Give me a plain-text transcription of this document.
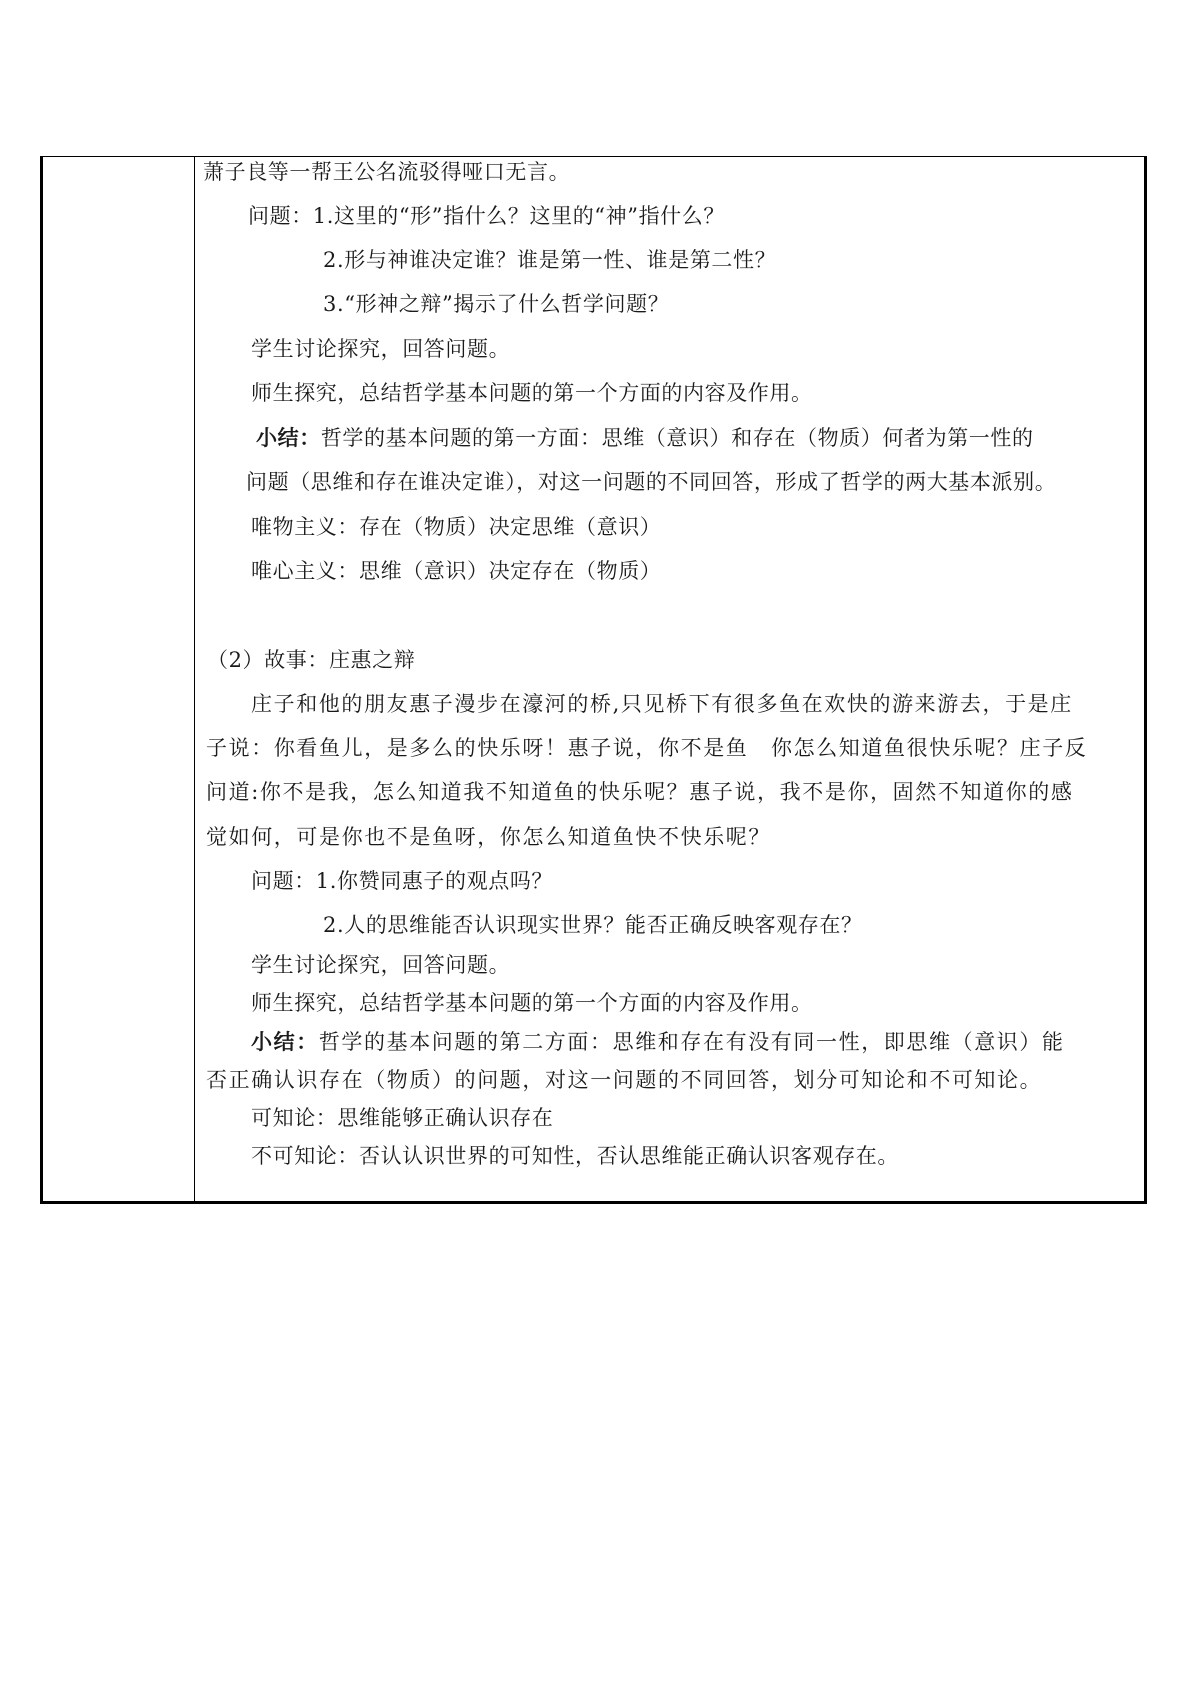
萧子良等一帮王公名流驳得哑口无言。
问题：1.这里的“形”指什么？这里的“神”指什么？
2.形与神谁决定谁？谁是第一性、谁是第二性？
3.“形神之辩”揭示了什么哲学问题？
学生讨论探究，回答问题。
师生探究，总结哲学基本问题的第一个方面的内容及作用。
小结：哲学的基本问题的第一方面：思维（意识）和存在（物质）何者为第一性的
问题（思维和存在谁决定谁），对这一问题的不同回答，形成了哲学的两大基本派别。
唯物主义：存在（物质）决定思维（意识）
唯心主义：思维（意识）决定存在（物质）
（2）故事：庄惠之辩
庄子和他的朋友惠子漫步在濠河的桥,只见桥下有很多鱼在欢快的游来游去，于是庄
子说：你看鱼儿，是多么的快乐呀！惠子说，你不是鱼　你怎么知道鱼很快乐呢？庄子反
问道:你不是我，怎么知道我不知道鱼的快乐呢？惠子说，我不是你，固然不知道你的感
觉如何，可是你也不是鱼呀，你怎么知道鱼快不快乐呢？
问题：1.你赞同惠子的观点吗？
2.人的思维能否认识现实世界？能否正确反映客观存在？
学生讨论探究，回答问题。
师生探究，总结哲学基本问题的第一个方面的内容及作用。
小结：哲学的基本问题的第二方面：思维和存在有没有同一性，即思维（意识）能
否正确认识存在（物质）的问题，对这一问题的不同回答，划分可知论和不可知论。
可知论：思维能够正确认识存在
不可知论：否认认识世界的可知性，否认思维能正确认识客观存在。
